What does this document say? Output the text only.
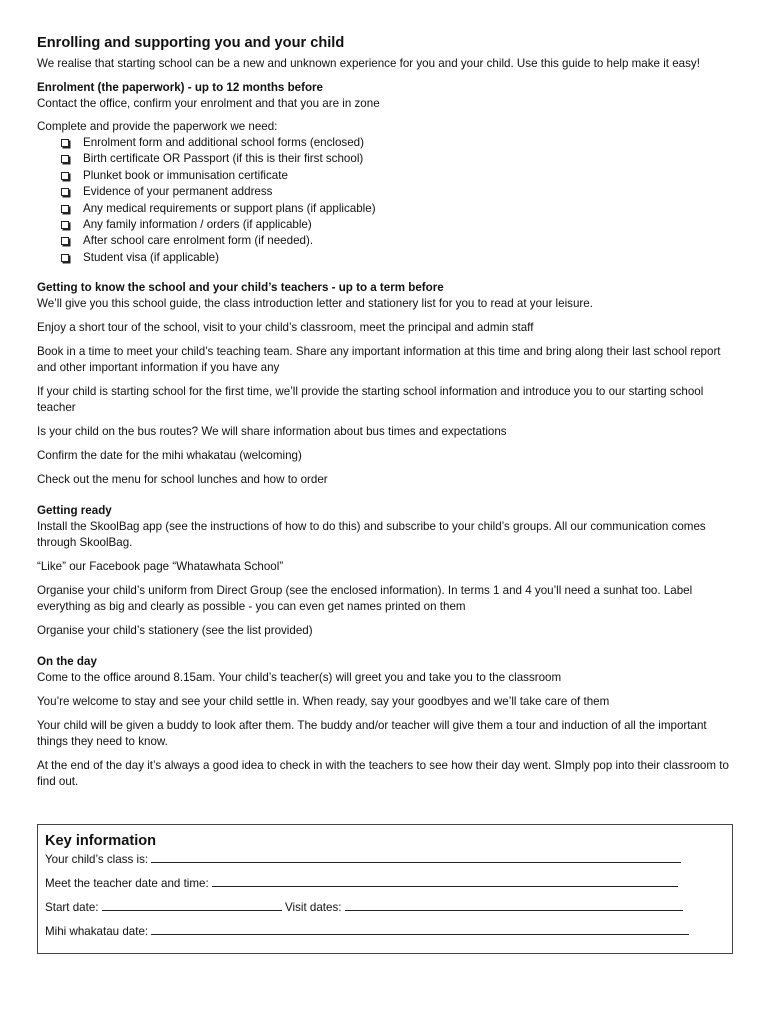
Enrolling and supporting you and your child

We realise that starting school can be a new and unknown experience for you and your child. Use this guide to help make it easy!

Enrolment (the paperwork) - up to 12 months before

Contact the office, confirm your enrolment and that you are in zone

Complete and provide the paperwork we need:

Enrolment form and additional school forms (enclosed)
Birth certificate OR Passport (if this is their first school)
Plunket book or immunisation certificate
Evidence of your permanent address
Any medical requirements or support plans (if applicable)
Any family information / orders (if applicable)
After school care enrolment form (if needed).
Student visa (if applicable)
Getting to know the school and your child’s teachers - up to a term before

We’ll give you this school guide, the class introduction letter and stationery list for you to read at your leisure.

Enjoy a short tour of the school, visit to your child’s classroom, meet the principal and admin staff

Book in a time to meet your child’s teaching team. Share any important information at this time and bring along their last school report and other important information if you have any

If your child is starting school for the first time, we’ll provide the starting school information and introduce you to our starting school teacher

Is your child on the bus routes? We will share information about bus times and expectations

Confirm the date for the mihi whakatau (welcoming)

Check out the menu for school lunches and how to order

Getting ready

Install the SkoolBag app (see the instructions of how to do this) and subscribe to your child’s groups. All our communication comes through SkoolBag.

“Like” our Facebook page “Whatawhata School”

Organise your child’s uniform from Direct Group (see the enclosed information). In terms 1 and 4 you’ll need a sunhat too. Label everything as big and clearly as possible - you can even get names printed on them

Organise your child’s stationery (see the list provided)

On the day

Come to the office around 8.15am. Your child’s teacher(s) will greet you and take you to the classroom

You’re welcome to stay and see your child settle in. When ready, say your goodbyes and we’ll take care of them

Your child will be given a buddy to look after them. The buddy and/or teacher will give them a tour and induction of all the important things they need to know.

At the end of the day it’s always a good idea to check in with the teachers to see how their day went. SImply pop into their classroom to find out.

Key information
Your child’s class is:
Meet the teacher date and time:
Start date:	Visit dates:
Mihi whakatau date:
